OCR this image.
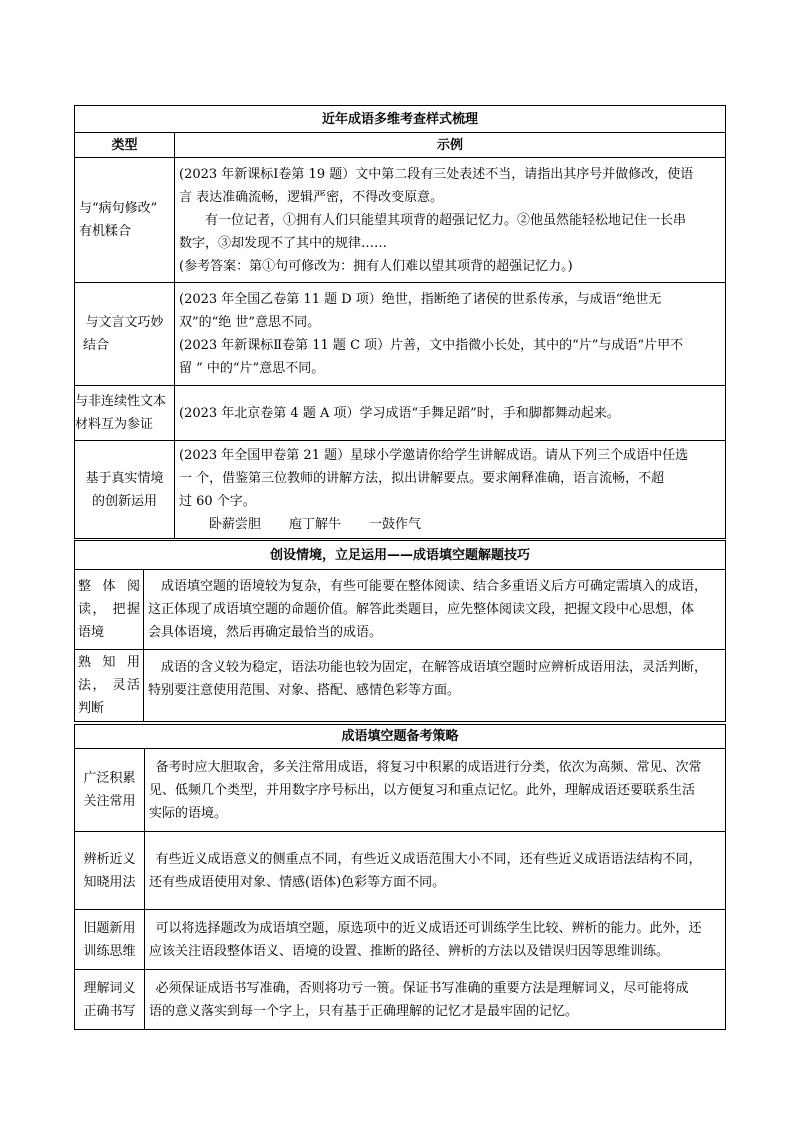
近年成语多维考查样式梳理	
类型	示例

与“病句修改”
有机糅合	(2023 年新课标Ⅰ卷第 19 题）文中第二段有三处表述不当，请指出其序号并做修改，使语
言 表达准确流畅，逻辑严密，不得改变原意。
有一位记者，①拥有人们只能望其项背的超强记忆力。②他虽然能轻松地记住一长串
数字，③却发现不了其中的规律……
(参考答案：第①句可修改为：拥有人们难以望其项背的超强记忆力。)

与文言文巧妙
结合	(2023 年全国乙卷第 11 题 D 项）绝世，指断绝了诸侯的世系传承，与成语“绝世无
双”的“绝 世”意思不同。
(2023 年新课标Ⅱ卷第 11 题 C 项）片善，文中指微小长处，其中的“片”与成语“片甲不
留 ” 中的“片”意思不同。

与非连续性文本
材料互为参证	(2023 年北京卷第 4 题 A 项）学习成语“手舞足蹈”时，手和脚都舞动起来。

基于真实情境
的创新运用	(2023 年全国甲卷第 21 题）星球小学邀请你给学生讲解成语。请从下列三个成语中任选
一 个，借鉴第三位教师的讲解方法，拟出讲解要点。要求阐释准确，语言流畅，不超
过 60 个字。
卧薪尝胆 庖丁解牛 一鼓作气
创设情境，立足运用——成语填空题解题技巧	

整 体 阅
读， 把握
语境	成语填空题的语境较为复杂，有些可能要在整体阅读、结合多重语义后方可确定需填入的成语，
这正体现了成语填空题的命题价值。解答此类题目，应先整体阅读文段，把握文段中心思想，体
会具体语境，然后再确定最恰当的成语。

熟 知 用
法， 灵活
判断	成语的含义较为稳定，语法功能也较为固定，在解答成语填空题时应辨析成语用法，灵活判断，
特别要注意使用范围、对象、搭配、感情色彩等方面。
成语填空题备考策略	

广泛积累
关注常用	备考时应大胆取舍，多关注常用成语，将复习中积累的成语进行分类，依次为高频、常见、次常
见、低频几个类型，并用数字序号标出，以方便复习和重点记忆。此外，理解成语还要联系生活
实际的语境。

辨析近义
知晓用法	有些近义成语意义的侧重点不同，有些近义成语范围大小不同，还有些近义成语语法结构不同，
还有些成语使用对象、情感(语体)色彩等方面不同。

旧题新用
训练思维	可以将选择题改为成语填空题，原选项中的近义成语还可训练学生比较、辨析的能力。此外，还
应该关注语段整体语义、语境的设置、推断的路径、辨析的方法以及错误归因等思维训练。

理解词义
正确书写	必须保证成语书写准确，否则将功亏一篑。保证书写准确的重要方法是理解词义，尽可能将成
语的意义落实到每一个字上，只有基于正确理解的记忆才是最牢固的记忆。
